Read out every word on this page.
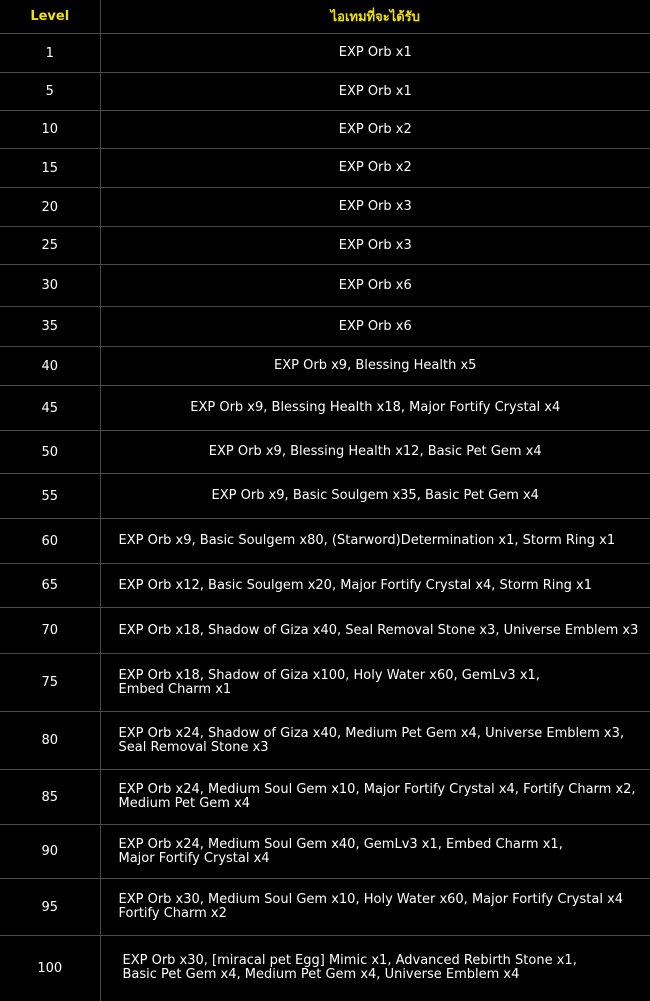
Level	ไอเทมที่จะได้รับ
1	EXP Orb x1

5	EXP Orb x1

10	EXP Orb x2

15	EXP Orb x2

20	EXP Orb x3

25	EXP Orb x3

30	EXP Orb x6

35	EXP Orb x6

40	EXP Orb x9, Blessing Health x5

45	EXP Orb x9, Blessing Health x18, Major Fortify Crystal x4

50	EXP Orb x9, Blessing Health x12, Basic Pet Gem x4

55	EXP Orb x9, Basic Soulgem x35, Basic Pet Gem x4

60	EXP Orb x9, Basic Soulgem x80, (Starword)Determination x1, Storm Ring x1

65	EXP Orb x12, Basic Soulgem x20, Major Fortify Crystal x4, Storm Ring x1

70	EXP Orb x18, Shadow of Giza x40, Seal Removal Stone x3, Universe Emblem x3

75	EXP Orb x18, Shadow of Giza x100, Holy Water x60, GemLv3 x1,
Embed Charm x1

80	EXP Orb x24, Shadow of Giza x40, Medium Pet Gem x4, Universe Emblem x3,
Seal Removal Stone x3

85	EXP Orb x24, Medium Soul Gem x10, Major Fortify Crystal x4, Fortify Charm x2,
Medium Pet Gem x4

90	EXP Orb x24, Medium Soul Gem x40, GemLv3 x1, Embed Charm x1,
Major Fortify Crystal x4

95	EXP Orb x30, Medium Soul Gem x10, Holy Water x60, Major Fortify Crystal x4
Fortify Charm x2

100	EXP Orb x30, [miracal pet Egg] Mimic x1, Advanced Rebirth Stone x1,
Basic Pet Gem x4, Medium Pet Gem x4, Universe Emblem x4
